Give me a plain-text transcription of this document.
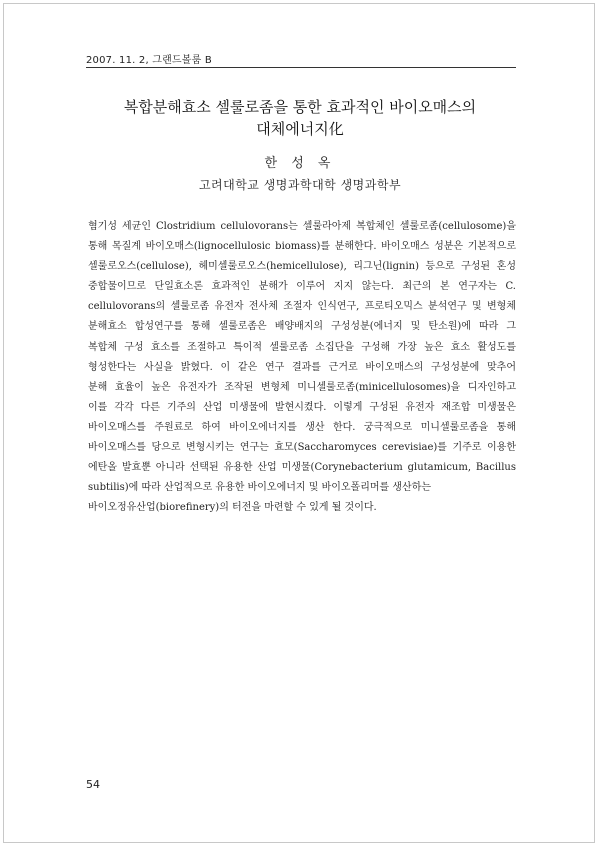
2007. 11. 2, 그랜드볼룸 B
복합분해효소 셀룰로좀을 통한 효과적인 바이오매스의
대체에너지化
한 성 옥
고려대학교 생명과학대학 생명과학부
혐기성 세균인 Clostridium cellulovorans는 셀룰라아제 복합체인 셀룰로좀(cellulosome)을
통해 목질계 바이오매스(lignocellulosic biomass)를 분해한다. 바이오매스 성분은 기본적으로
셀룰로오스(cellulose), 헤미셀룰로오스(hemicellulose), 리그닌(lignin) 등으로 구성된 혼성
중합물이므로 단일효소론 효과적인 분해가 이루어 지지 않는다. 최근의 본 연구자는 C.
cellulovorans의 셀룰로좀 유전자 전사체 조절자 인식연구, 프로티오믹스 분석연구 및 변형체
분해효소 합성연구를 통해 셀룰로좀은 배양배지의 구성성분(에너지 및 탄소원)에 따라 그
복합체 구성 효소를 조절하고 특이적 셀룰로좀 소집단을 구성해 가장 높은 효소 활성도를
형성한다는 사실을 밝혔다. 이 같은 연구 결과를 근거로 바이오매스의 구성성분에 맞추어
분해 효율이 높은 유전자가 조작된 변형체 미니셀룰로좀(minicellulosomes)을 디자인하고
이를 각각 다른 기주의 산업 미생물에 발현시켰다. 이렇게 구성된 유전자 재조합 미생물은
바이오매스를 주원료로 하여 바이오에너지를 생산 한다. 궁극적으로 미니셀룰로좀을 통해
바이오매스를 당으로 변형시키는 연구는 효모(Saccharomyces cerevisiae)를 기주로 이용한
에탄올 발효뿐 아니라 선택된 유용한 산업 미생물(Corynebacterium glutamicum, Bacillus
subtilis)에 따라 산업적으로 유용한 바이오에너지 및 바이오폴리머를 생산하는
바이오정유산업(biorefinery)의 터전을 마련할 수 있게 될 것이다.
54
